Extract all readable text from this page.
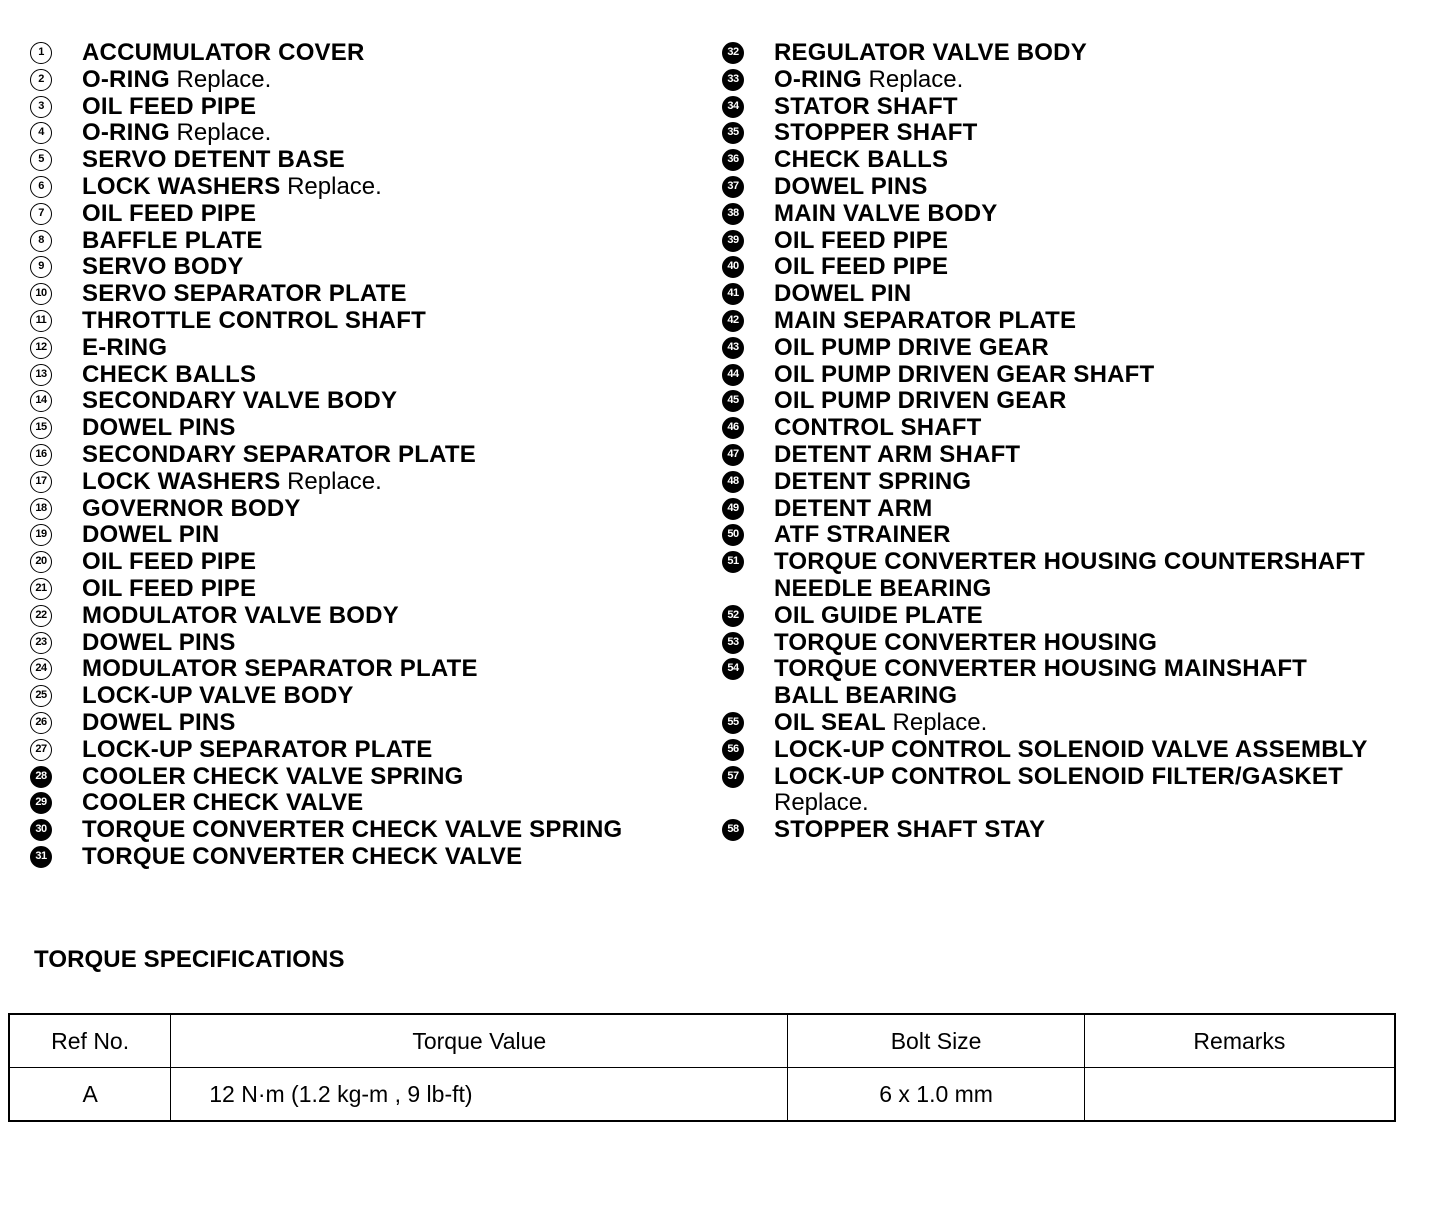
1	ACCUMULATOR COVER
2	O-RING Replace.
3	OIL FEED PIPE
4	O-RING Replace.
5	SERVO DETENT BASE
6	LOCK WASHERS Replace.
7	OIL FEED PIPE
8	BAFFLE PLATE
9	SERVO BODY
10 SERVO SEPARATOR PLATE
11 THROTTLE CONTROL SHAFT
12 E-RING
13 CHECK BALLS
14 SECONDARY VALVE BODY
15 DOWEL PINS
16 SECONDARY SEPARATOR PLATE
17 LOCK WASHERS Replace.
18 GOVERNOR BODY
19 DOWEL PIN
20 OIL FEED PIPE
21 OIL FEED PIPE
22 MODULATOR VALVE BODY
23 DOWEL PINS
24 MODULATOR SEPARATOR PLATE
25 LOCK-UP VALVE BODY
26 DOWEL PINS
27 LOCK-UP SEPARATOR PLATE
28 COOLER CHECK VALVE SPRING
29 COOLER CHECK VALVE
30 TORQUE CONVERTER CHECK VALVE SPRING
31 TORQUE CONVERTER CHECK VALVE
32 REGULATOR VALVE BODY
33 O-RING Replace.
34 STATOR SHAFT
35 STOPPER SHAFT
36 CHECK BALLS
37 DOWEL PINS
38 MAIN VALVE BODY
39 OIL FEED PIPE
40 OIL FEED PIPE
41 DOWEL PIN
42 MAIN SEPARATOR PLATE
43 OIL PUMP DRIVE GEAR
44 OIL PUMP DRIVEN GEAR SHAFT
45 OIL PUMP DRIVEN GEAR
46 CONTROL SHAFT
47 DETENT ARM SHAFT
48 DETENT SPRING
49 DETENT ARM
50 ATF STRAINER
51 TORQUE CONVERTER HOUSING COUNTERSHAFT
NEEDLE BEARING
52 OIL GUIDE PLATE
53 TORQUE CONVERTER HOUSING
54 TORQUE CONVERTER HOUSING MAINSHAFT
BALL BEARING
55 OIL SEAL Replace.
56 LOCK-UP CONTROL SOLENOID VALVE ASSEMBLY
57 LOCK-UP CONTROL SOLENOID FILTER/GASKET
Replace.
58 STOPPER SHAFT STAY
TORQUE SPECIFICATIONS
Ref No.	Torque Value	Bolt Size	Remarks
A	12 N·m (1.2 kg-m , 9 lb-ft)	6 x 1.0 mm	
